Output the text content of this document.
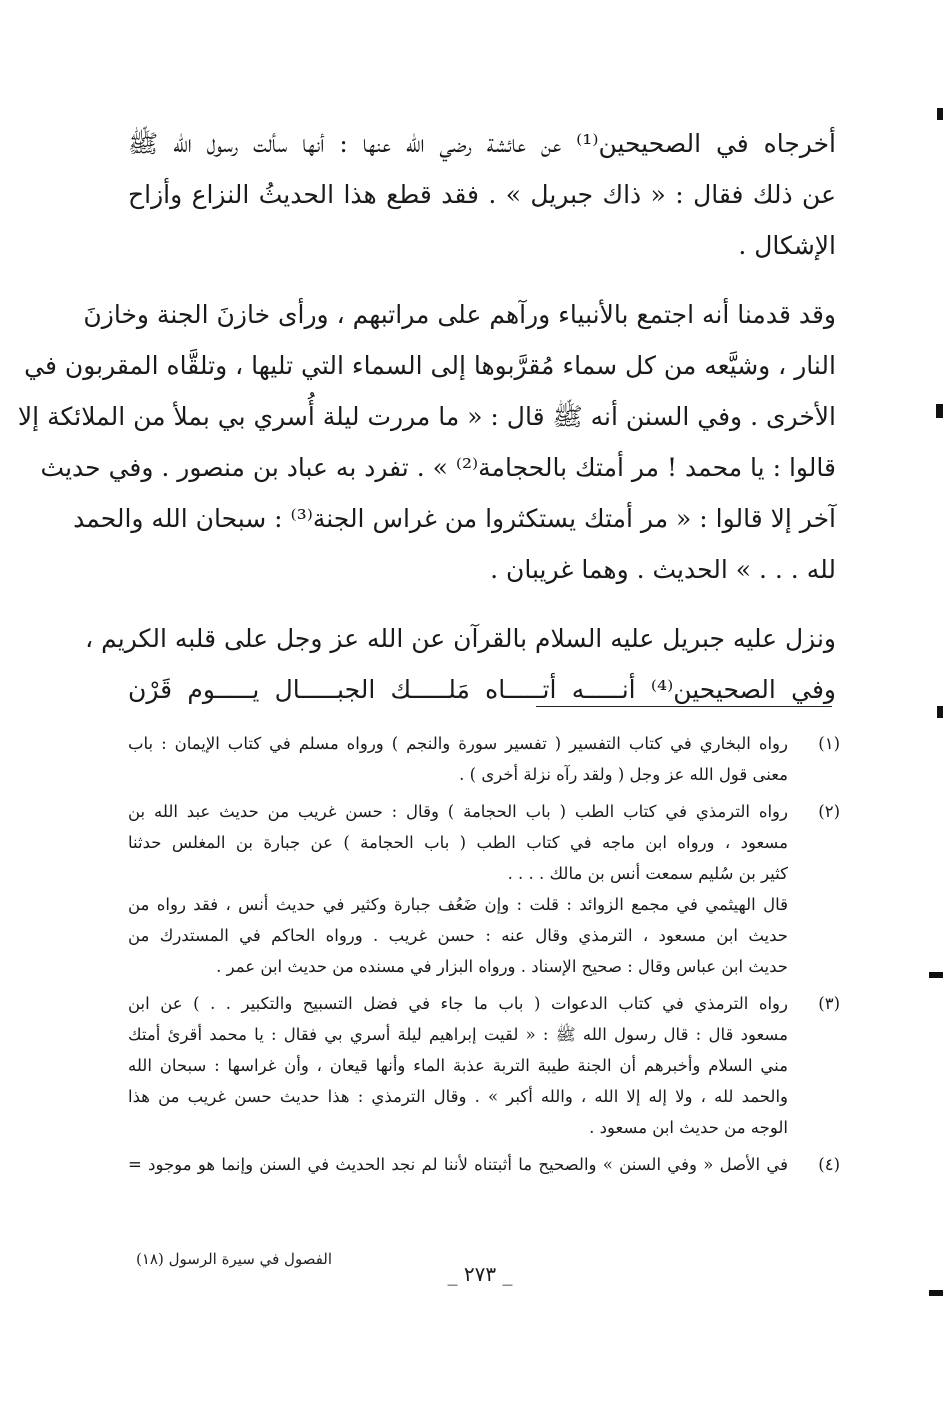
أخرجاه في الصحيحين⁽¹⁾ عن عائشة رضي الله عنها : أنها سألت رسول الله ﷺ
عن ذلك فقال : « ذاك جبريل » . فقد قطع هذا الحديثُ النزاع وأزاح
الإشكال .

وقد قدمنا أنه اجتمع بالأنبياء ورآهم على مراتبهم ، ورأى خازنَ الجنة وخازنَ
النار ، وشيَّعه من كل سماء مُقرَّبوها إلى السماء التي تليها ، وتلقَّاه المقربون في
الأخرى . وفي السنن أنه ﷺ قال : « ما مررت ليلة أُسري بي بملأ من الملائكة إلا
قالوا : يا محمد ! مر أمتك بالحجامة⁽²⁾ » . تفرد به عباد بن منصور . وفي حديث
آخر إلا قالوا : « مر أمتك يستكثروا من غراس الجنة⁽³⁾ : سبحان الله والحمد
لله . . . » الحديث . وهما غريبان .

ونزل عليه جبريل عليه السلام بالقرآن عن الله عز وجل على قلبه الكريم ،
وفي الصحيحين⁽⁴⁾ أنـــــه أتـــــاه مَلـــــك الجبـــــال يـــــوم قَرْن

(١)
رواه البخاري في كتاب التفسير ( تفسير سورة والنجم ) ورواه مسلم في كتاب الإيمان : باب
معنى قول الله عز وجل ( ولقد رآه نزلة أخرى ) .
(٢)
رواه الترمذي في كتاب الطب ( باب الحجامة ) وقال : حسن غريب من حديث عبد الله بن
مسعود ، ورواه ابن ماجه في كتاب الطب ( باب الحجامة ) عن جبارة بن المغلس حدثنا
كثير بن سُليم سمعت أنس بن مالك . . . .
قال الهيثمي في مجمع الزوائد : قلت : وإن ضَعُف جبارة وكثير في حديث أنس ، فقد رواه من
حديث ابن مسعود ، الترمذي وقال عنه : حسن غريب . ورواه الحاكم في المستدرك من
حديث ابن عباس وقال : صحيح الإسناد . ورواه البزار في مسنده من حديث ابن عمر .
(٣)
رواه الترمذي في كتاب الدعوات ( باب ما جاء في فضل التسبيح والتكبير . . ) عن ابن
مسعود قال : قال رسول الله ﷺ : « لقيت إبراهيم ليلة أسري بي فقال : يا محمد أقرئ أمتك
مني السلام وأخبرهم أن الجنة طيبة التربة عذبة الماء وأنها قيعان ، وأن غراسها : سبحان الله
والحمد لله ، ولا إله إلا الله ، والله أكبر » . وقال الترمذي : هذا حديث حسن غريب من هذا
الوجه من حديث ابن مسعود .
(٤)
في الأصل « وفي السنن » والصحيح ما أثبتناه لأننا لم نجد الحديث في السنن وإنما هو موجود =
الفصول في سيرة الرسول (١٨)
_ ٢٧٣ _
